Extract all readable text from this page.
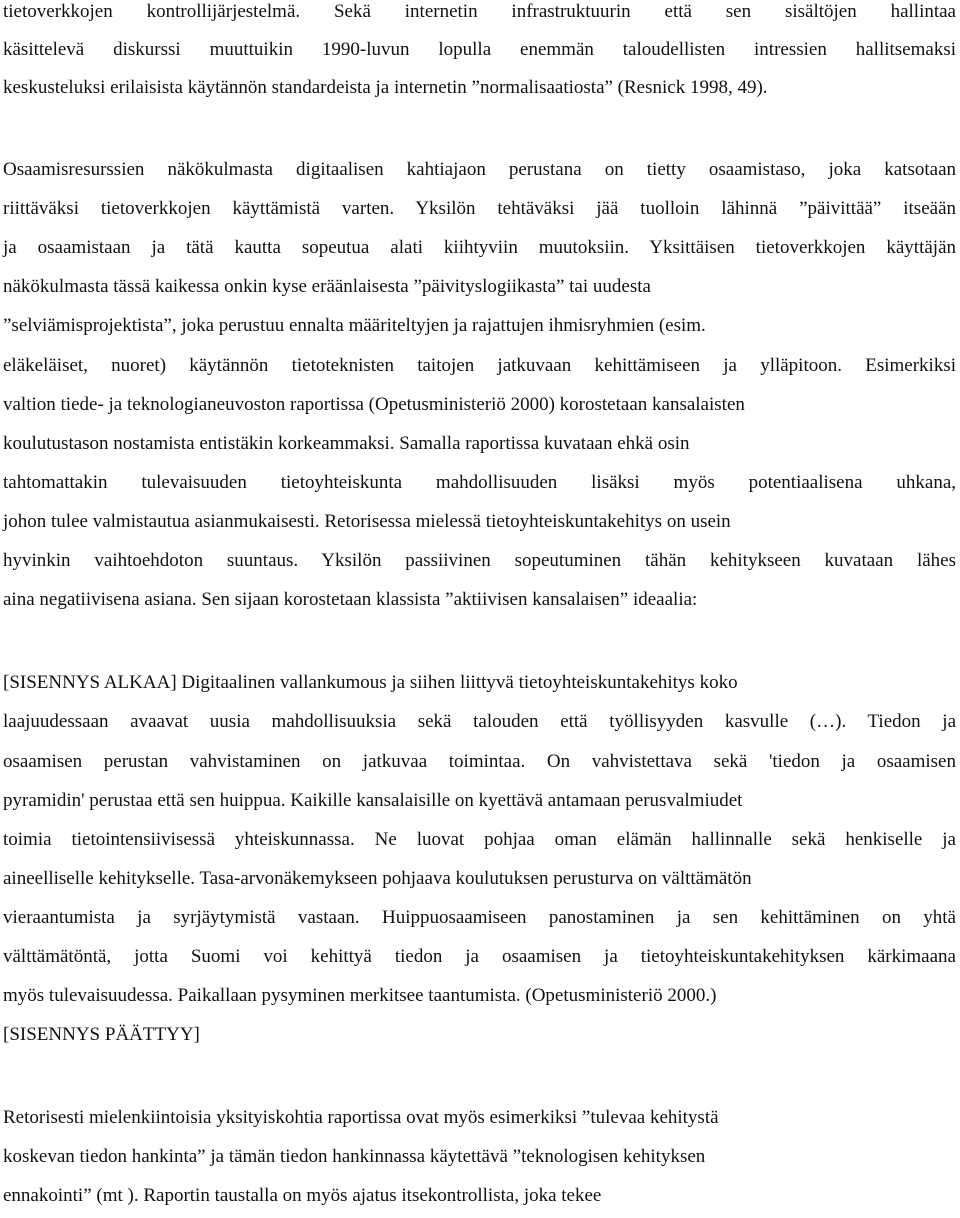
tietoverkkojen kontrollijärjestelmä. Sekä internetin infrastruktuurin että sen sisältöjen hallintaa
käsittelevä diskurssi muuttuikin 1990-luvun lopulla enemmän taloudellisten intressien hallitsemaksi
keskusteluksi erilaisista käytännön standardeista ja internetin ”normalisaatiosta” (Resnick 1998, 49).
Osaamisresurssien näkökulmasta digitaalisen kahtiajaon perustana on tietty osaamistaso, joka katsotaan
riittäväksi tietoverkkojen käyttämistä varten. Yksilön tehtäväksi jää tuolloin lähinnä ”päivittää” itseään
ja osaamistaan ja tätä kautta sopeutua alati kiihtyviin muutoksiin. Yksittäisen tietoverkkojen käyttäjän
näkökulmasta tässä kaikessa onkin kyse eräänlaisesta ”päivityslogiikasta” tai uudesta
”selviämisprojektista”, joka perustuu ennalta määriteltyjen ja rajattujen ihmisryhmien (esim.
eläkeläiset, nuoret) käytännön tietoteknisten taitojen jatkuvaan kehittämiseen ja ylläpitoon. Esimerkiksi
valtion tiede- ja teknologianeuvoston raportissa (Opetusministeriö 2000) korostetaan kansalaisten
koulutustason nostamista entistäkin korkeammaksi. Samalla raportissa kuvataan ehkä osin
tahtomattakin tulevaisuuden tietoyhteiskunta mahdollisuuden lisäksi myös potentiaalisena uhkana,
johon tulee valmistautua asianmukaisesti. Retorisessa mielessä tietoyhteiskuntakehitys on usein
hyvinkin vaihtoehdoton suuntaus. Yksilön passiivinen sopeutuminen tähän kehitykseen kuvataan lähes
aina negatiivisena asiana. Sen sijaan korostetaan klassista ”aktiivisen kansalaisen” ideaalia:
[SISENNYS ALKAA] Digitaalinen vallankumous ja siihen liittyvä tietoyhteiskuntakehitys koko
laajuudessaan avaavat uusia mahdollisuuksia sekä talouden että työllisyyden kasvulle (…). Tiedon ja
osaamisen perustan vahvistaminen on jatkuvaa toimintaa. On vahvistettava sekä 'tiedon ja osaamisen
pyramidin' perustaa että sen huippua. Kaikille kansalaisille on kyettävä antamaan perusvalmiudet
toimia tietointensiivisessä yhteiskunnassa. Ne luovat pohjaa oman elämän hallinnalle sekä henkiselle ja
aineelliselle kehitykselle. Tasa-arvonäkemykseen pohjaava koulutuksen perusturva on välttämätön
vieraantumista ja syrjäytymistä vastaan. Huippuosaamiseen panostaminen ja sen kehittäminen on yhtä
välttämätöntä, jotta Suomi voi kehittyä tiedon ja osaamisen ja tietoyhteiskuntakehityksen kärkimaana
myös tulevaisuudessa. Paikallaan pysyminen merkitsee taantumista. (Opetusministeriö 2000.)
[SISENNYS PÄÄTTYY]
Retorisesti mielenkiintoisia yksityiskohtia raportissa ovat myös esimerkiksi ”tulevaa kehitystä
koskevan tiedon hankinta” ja tämän tiedon hankinnassa käytettävä ”teknologisen kehityksen
ennakointi” (mt ). Raportin taustalla on myös ajatus itsekontrollista, joka tekee
